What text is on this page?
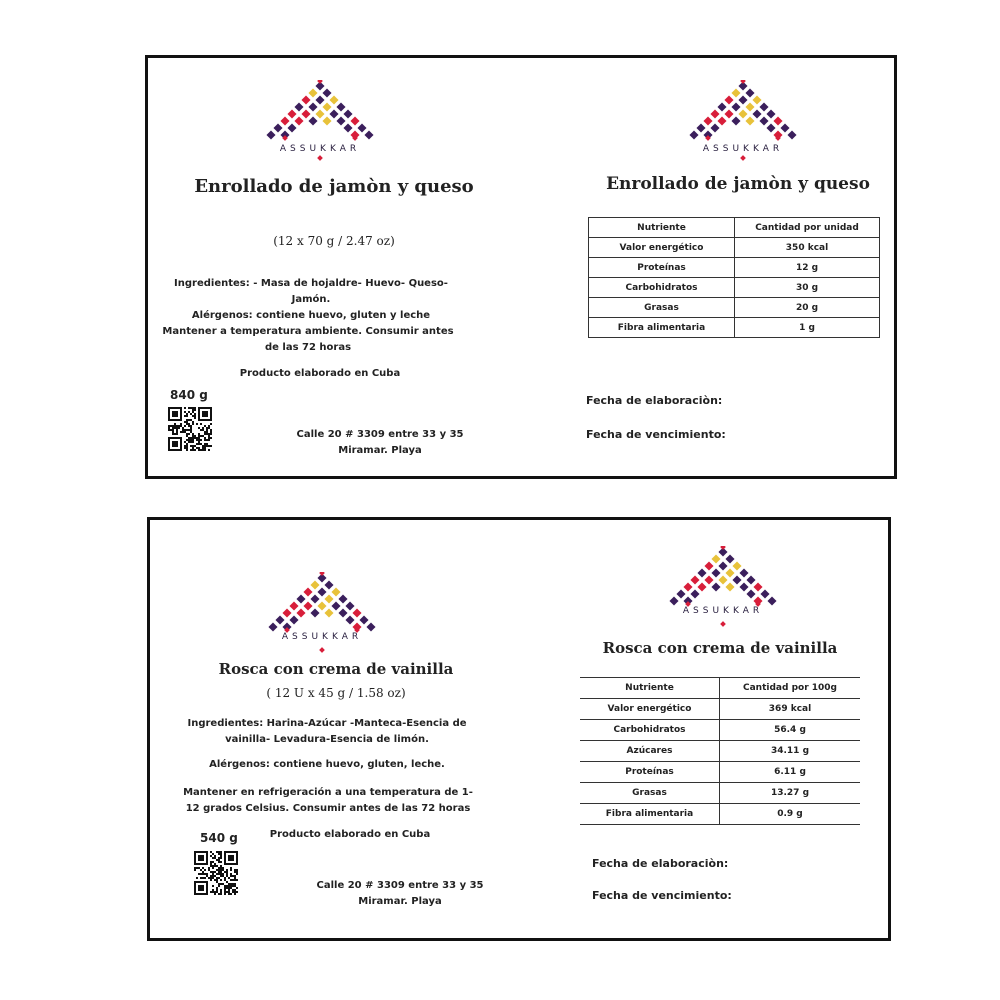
ASSUKKAR
Enrollado de jamòn y queso
(12 x 70 g / 2.47 oz)
Ingredientes: - Masa de hojaldre- Huevo- Queso- Jamón.
Alérgenos: contiene huevo, gluten y leche
Mantener a temperatura ambiente. Consumir antes de las 72 horas
Producto elaborado en Cuba
840 g
Calle 20 # 3309 entre 33 y 35
Miramar. Playa
ASSUKKAR
Enrollado de jamòn y queso
Nutriente	Cantidad por unidad
Valor energético	350 kcal
Proteínas	12 g
Carbohidratos	30 g
Grasas	20 g
Fibra alimentaria	1 g
Fecha de elaboraciòn:
Fecha de vencimiento:
ASSUKKAR
Rosca con crema de vainilla
( 12 U x 45 g / 1.58 oz)
Ingredientes: Harina-Azúcar -Manteca-Esencia de vainilla- Levadura-Esencia de limón.
Alérgenos: contiene huevo, gluten, leche.
Mantener en refrigeración a una temperatura de 1- 12 grados Celsius. Consumir antes de las 72 horas
Producto elaborado en Cuba
540 g
Calle 20 # 3309 entre 33 y 35
Miramar. Playa
ASSUKKAR
Rosca con crema de vainilla
Nutriente	Cantidad por 100g
Valor energético	369 kcal
Carbohidratos	56.4 g
Azúcares	34.11 g
Proteínas	6.11 g
Grasas	13.27 g
Fibra alimentaria	0.9 g
Fecha de elaboraciòn:
Fecha de vencimiento:
